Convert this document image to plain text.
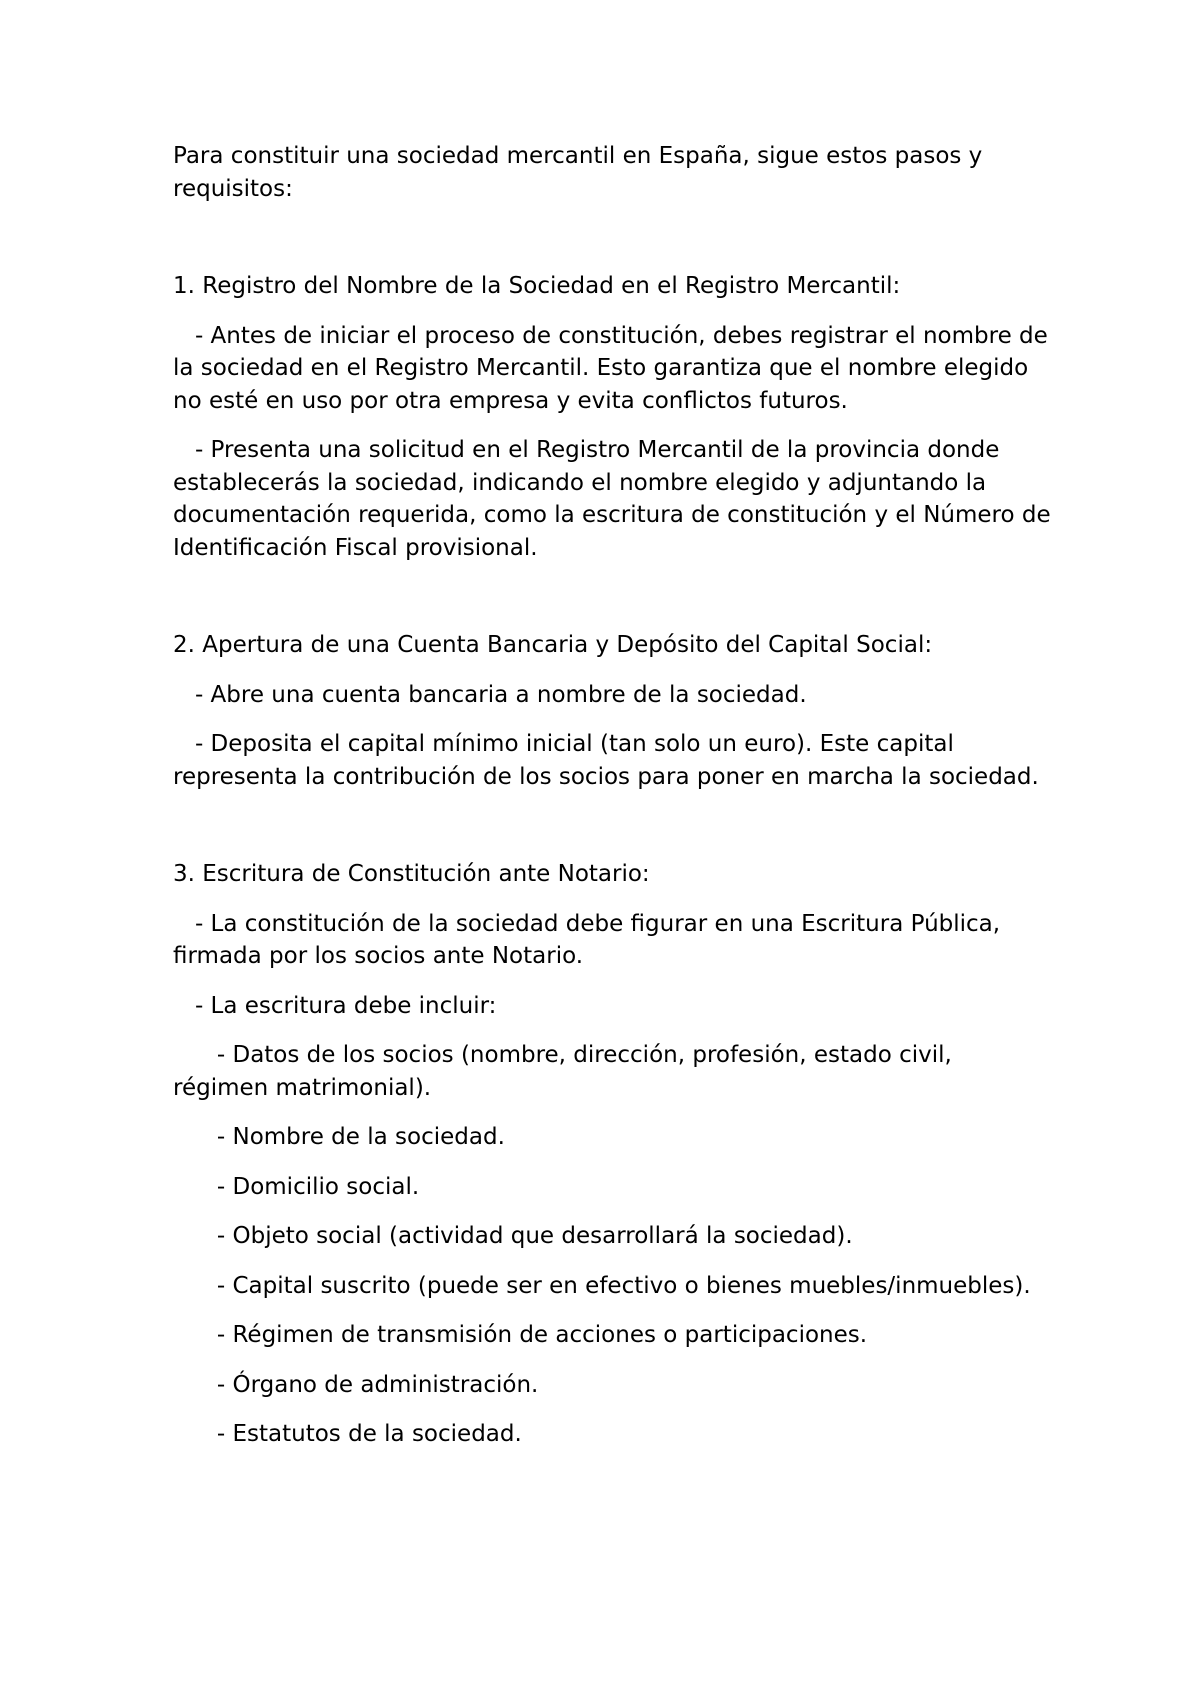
Para constituir una sociedad mercantil en España, sigue estos pasos y requisitos:

1. Registro del Nombre de la Sociedad en el Registro Mercantil:

- Antes de iniciar el proceso de constitución, debes registrar el nombre de la sociedad en el Registro Mercantil. Esto garantiza que el nombre elegido no esté en uso por otra empresa y evita conflictos futuros.

- Presenta una solicitud en el Registro Mercantil de la provincia donde establecerás la sociedad, indicando el nombre elegido y adjuntando la documentación requerida, como la escritura de constitución y el Número de Identificación Fiscal provisional.

2. Apertura de una Cuenta Bancaria y Depósito del Capital Social:

- Abre una cuenta bancaria a nombre de la sociedad.

- Deposita el capital mínimo inicial (tan solo un euro). Este capital representa la contribución de los socios para poner en marcha la sociedad.

3. Escritura de Constitución ante Notario:

- La constitución de la sociedad debe figurar en una Escritura Pública, firmada por los socios ante Notario.

- La escritura debe incluir:

- Datos de los socios (nombre, dirección, profesión, estado civil, régimen matrimonial).

- Nombre de la sociedad.

- Domicilio social.

- Objeto social (actividad que desarrollará la sociedad).

- Capital suscrito (puede ser en efectivo o bienes muebles/inmuebles).

- Régimen de transmisión de acciones o participaciones.

- Órgano de administración.

- Estatutos de la sociedad.
